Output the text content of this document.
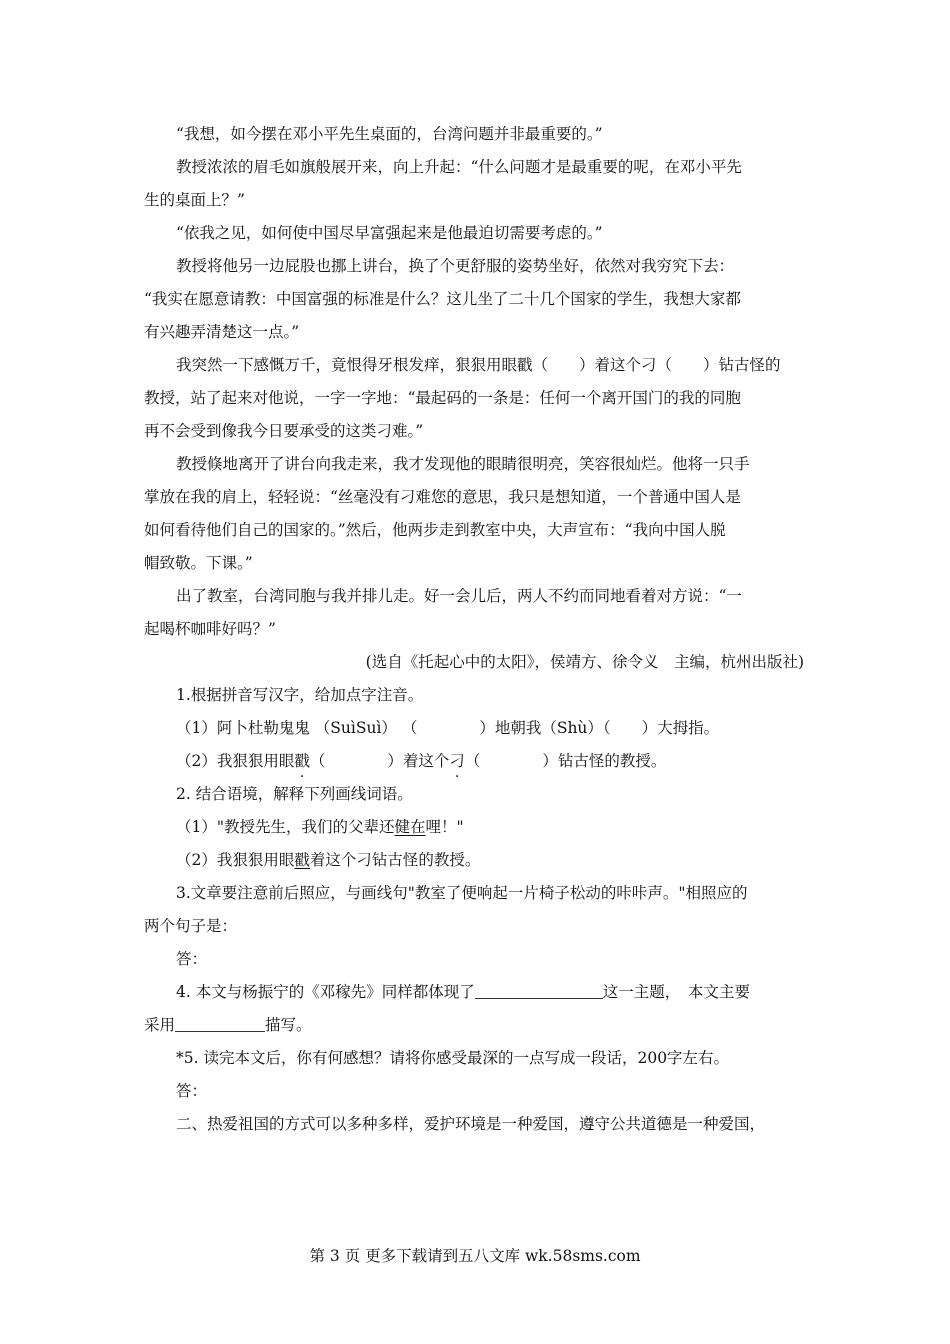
“我想，如今摆在邓小平先生桌面的，台湾问题并非最重要的。”
教授浓浓的眉毛如旗般展开来，向上升起：“什么问题才是最重要的呢，在邓小平先
生的桌面上？”
“依我之见，如何使中国尽早富强起来是他最迫切需要考虑的。”
教授将他另一边屁股也挪上讲台，换了个更舒服的姿势坐好，依然对我穷究下去：
“我实在愿意请教：中国富强的标准是什么？这儿坐了二十几个国家的学生，我想大家都
有兴趣弄清楚这一点。”
我突然一下感慨万千，竟恨得牙根发痒，狠狠用眼戳（　　）着这个刁（　　）钻古怪的
教授，站了起来对他说，一字一字地：“最起码的一条是：任何一个离开国门的我的同胞
再不会受到像我今日要承受的这类刁难。”
教授倏地离开了讲台向我走来，我才发现他的眼睛很明亮，笑容很灿烂。他将一只手
掌放在我的肩上，轻轻说：“丝毫没有刁难您的意思，我只是想知道，一个普通中国人是
如何看待他们自己的国家的。”然后，他两步走到教室中央，大声宣布：“我向中国人脱
帽致敬。下课。”
出了教室，台湾同胞与我并排儿走。好一会儿后，两人不约而同地看着对方说：“一
起喝杯咖啡好吗？”
(选自《托起心中的太阳》，侯靖方、徐令义　主编，杭州出版社)
1.根据拼音写汉字，给加点字注音。
（1）阿卜杜勒鬼鬼 （SuìSuì） （　　　　）地朝我（Shù）（　　）大拇指。
（2）我狠狠用眼戳（　　　　）着这个刁（　　　　）钻古怪的教授。
2. 结合语境，解释下列画线词语。
（1）"教授先生，我们的父辈还健在哩！"
（2）我狠狠用眼戳着这个刁钻古怪的教授。
3.文章要注意前后照应，与画线句"教室了便响起一片椅子松动的咔咔声。"相照应的
两个句子是：
答：
4. 本文与杨振宁的《邓稼先》同样都体现了	这一主题，　本文主要
采用	描写。
*5. 读完本文后，你有何感想？请将你感受最深的一点写成一段话，200字左右。
答：
二、热爱祖国的方式可以多种多样，爱护环境是一种爱国，遵守公共道德是一种爱国，
第 3 页 更多下载请到五八文库 wk.58sms.com
